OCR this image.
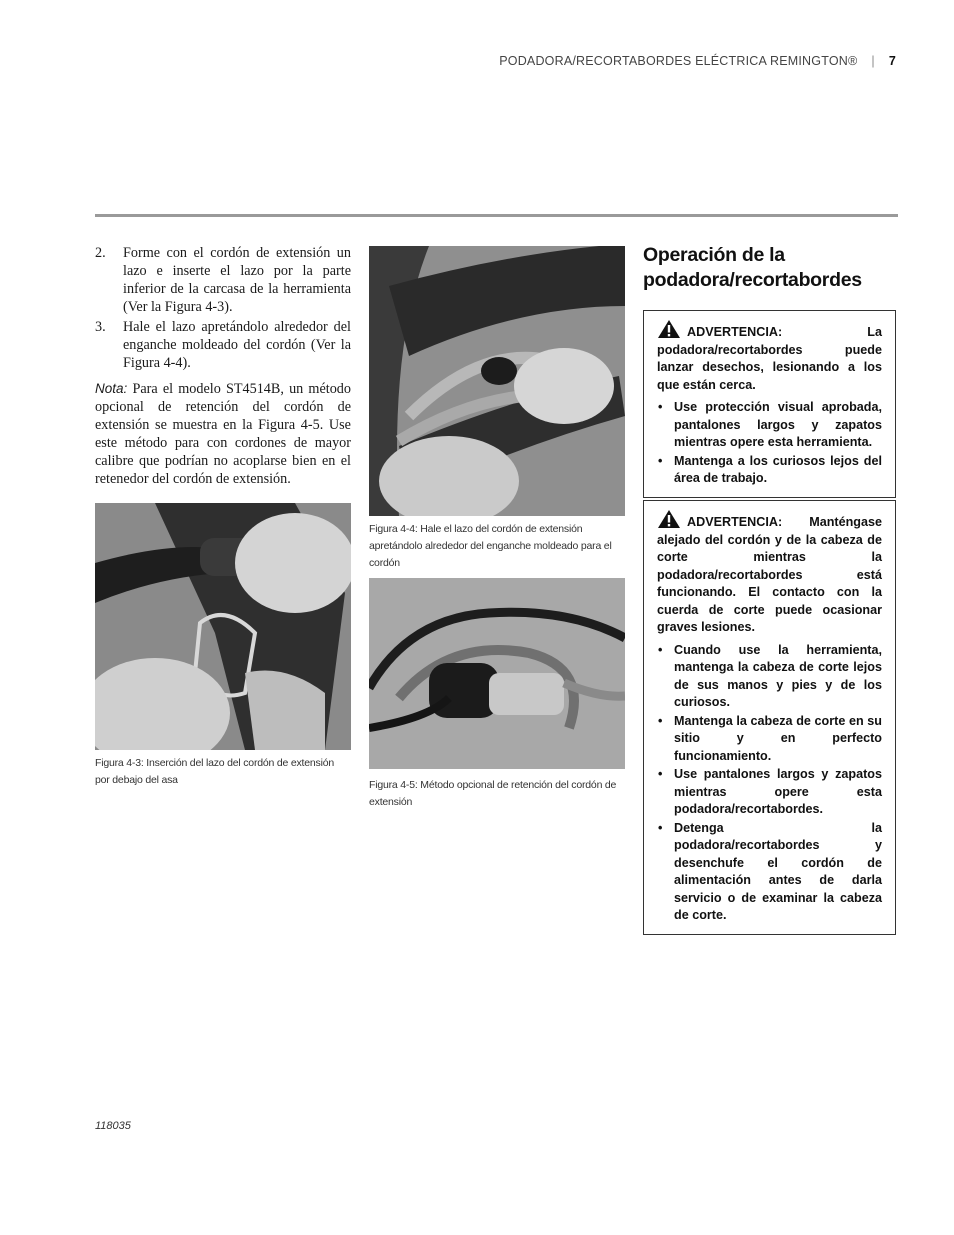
PODADORA/RECORTABORDES ELÉCTRICA REMINGTON® | 7
2. Forme con el cordón de extensión un lazo e inserte el lazo por la parte inferior de la carcasa de la herramienta (Ver la Figura 4-3).
3. Hale el lazo apretándolo alrededor del enganche moldeado del cordón (Ver la Figura 4-4).

Nota: Para el modelo ST4514B, un método opcional de retención del cordón de extensión se muestra en la Figura 4-5. Use este método para con cordones de mayor calibre que podrían no acoplarse bien en el retenedor del cordón de extensión.

Figura 4-3: Inserción del lazo del cordón de extensión por debajo del asa
Figura 4-4: Hale el lazo del cordón de extensión apretándolo alrededor del enganche moldeado para el cordón
Figura 4-5: Método opcional de retención del cordón de extensión
Operación de la podadora/recortabordes
ADVERTENCIA: La podadora/recortabordes puede lanzar desechos, lesionando a los que están cerca.
• Use protección visual aprobada, pantalones largos y zapatos mientras opere esta herramienta.
• Mantenga a los curiosos lejos del área de trabajo.
ADVERTENCIA: Manténgase alejado del cordón y de la cabeza de corte mientras la podadora/recortabordes está funcionando. El contacto con la cuerda de corte puede ocasionar graves lesiones.
• Cuando use la herramienta, mantenga la cabeza de corte lejos de sus manos y pies y de los curiosos.
• Mantenga la cabeza de corte en su sitio y en perfecto funcionamiento.
• Use pantalones largos y zapatos mientras opere esta podadora/recortabordes.
• Detenga la podadora/recortabordes y desenchufe el cordón de alimentación antes de darla servicio o de examinar la cabeza de corte.
118035
